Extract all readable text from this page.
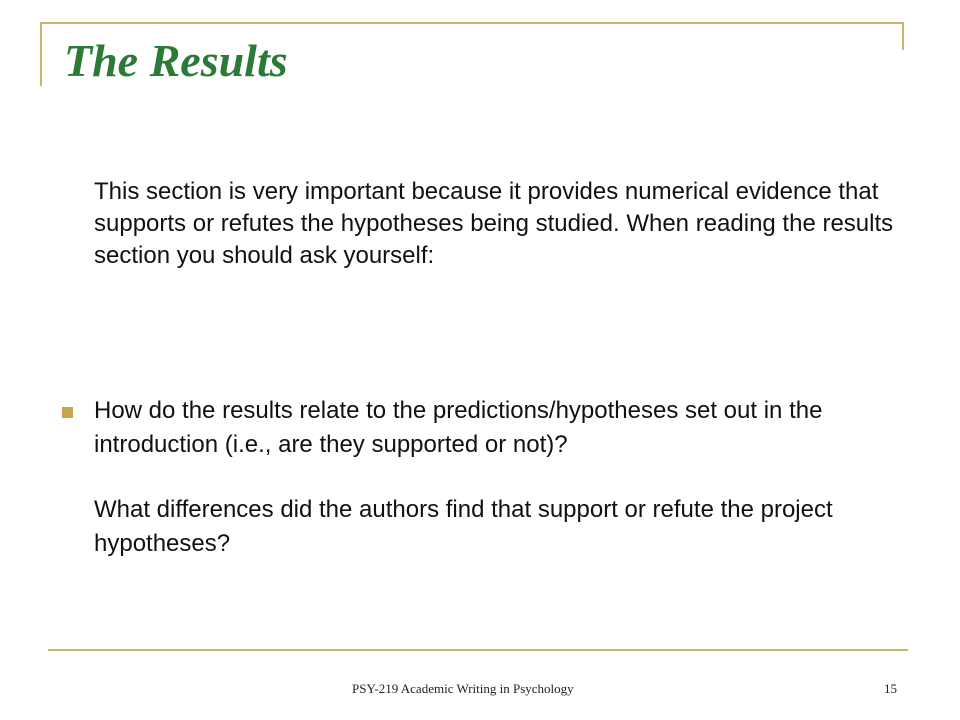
The Results

This section is very important because it provides numerical evidence that supports or refutes the hypotheses being studied. When reading the results section you should ask yourself:

How do the results relate to the predictions/hypotheses set out in the introduction (i.e., are they supported or not)?

What differences did the authors find that support or refute the project hypotheses?

PSY-219 Academic Writing in Psychology	15
